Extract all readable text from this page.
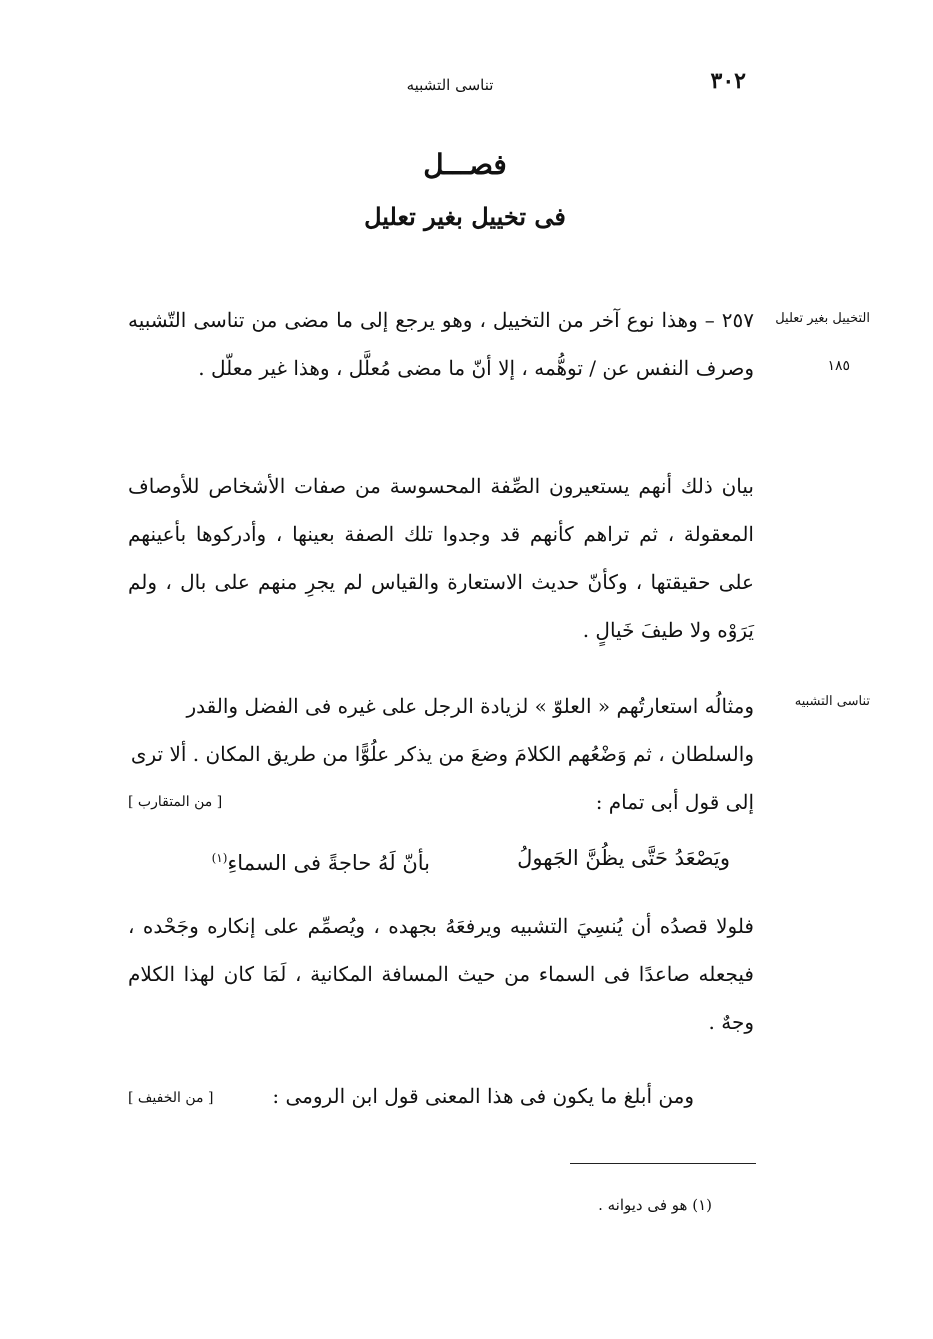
تناسى التشبيه	٣٠٢
فصـــل
فى تخييل بغير تعليل
التخييل بغير تعليل
١٨٥
تناسى التشبيه
٢٥٧ – وهذا نوع آخر من التخييل ، وهو يرجع إلى ما مضى من تناسى التّشبيه وصرف النفس عن / توهُّمه ، إلا أنّ ما مضى مُعلَّل ، وهذا غير معلّل .
بيان ذلك أنهم يستعيرون الصِّفة المحسوسة من صفات الأشخاص للأوصاف المعقولة ، ثم تراهم كأنهم قد وجدوا تلك الصفة بعينها ، وأدركوها بأعينهم على حقيقتها ، وكأنّ حديث الاستعارة والقياس لم يجرِ منهم على بال ، ولم يَرَوْه ولا طيفَ خَيالٍ .
ومثالُه استعارتُهم « العلوّ » لزيادة الرجل على غيره فى الفضل والقدر
والسلطان ، ثم وَضْعُهم الكلامَ وضعَ من يذكر علُوًّا من طريق المكان . ألا ترى
إلى قول أبى تمام :
[ من المتقارب ]
ويَصْعَدُ حَتَّى يظُنَّ الجَهولُ
بأنّ لَهُ حاجةً فى السماءِ$^{(١)}$
فلولا قصدُه أن يُنسِيَ التشبيه ويرفعَهُ بجهده ، ويُصمِّم على إنكاره وجَحْده ، فيجعله صاعدًا فى السماء من حيث المسافة المكانية ، لَمَا كان لهذا الكلام وجهٌ .
ومن أبلغ ما يكون فى هذا المعنى قول ابن الرومى :
[ من الخفيف ]
(١) هو فى ديوانه .
